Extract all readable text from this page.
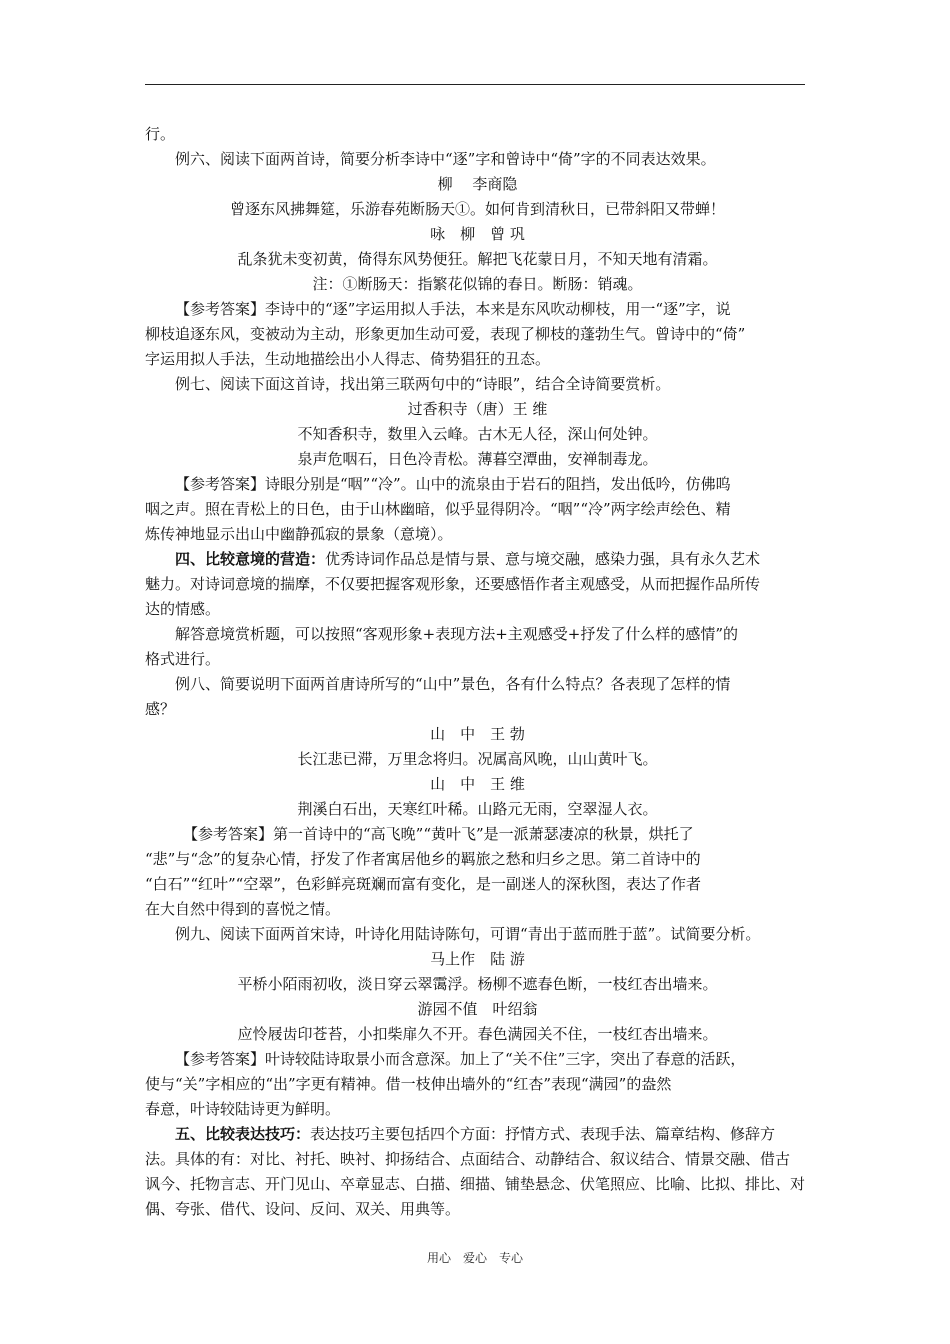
行。
例六、阅读下面两首诗，简要分析李诗中“逐”字和曾诗中“倚”字的不同表达效果。
柳　 李商隐
曾逐东风拂舞筵，乐游春苑断肠天①。如何肯到清秋日，已带斜阳又带蝉！
咏　柳　曾 巩
乱条犹未变初黄，倚得东风势便狂。解把飞花蒙日月，不知天地有清霜。
注：①断肠天：指繁花似锦的春日。断肠：销魂。
【参考答案】李诗中的“逐”字运用拟人手法，本来是东风吹动柳枝，用一“逐”字，说
柳枝追逐东风，变被动为主动，形象更加生动可爱，表现了柳枝的蓬勃生气。曾诗中的“倚”
字运用拟人手法，生动地描绘出小人得志、倚势猖狂的丑态。
例七、阅读下面这首诗，找出第三联两句中的“诗眼”，结合全诗简要赏析。
过香积寺（唐）王 维
不知香积寺，数里入云峰。古木无人径，深山何处钟。
泉声危咽石，日色冷青松。薄暮空潭曲，安禅制毒龙。
【参考答案】诗眼分别是“咽”“冷”。山中的流泉由于岩石的阻挡，发出低吟，仿佛呜
咽之声。照在青松上的日色，由于山林幽暗，似乎显得阴冷。“咽”“冷”两字绘声绘色、精
炼传神地显示出山中幽静孤寂的景象（意境）。
四、比较意境的营造：优秀诗词作品总是情与景、意与境交融，感染力强，具有永久艺术
魅力。对诗词意境的揣摩，不仅要把握客观形象，还要感悟作者主观感受，从而把握作品所传
达的情感。
解答意境赏析题，可以按照“客观形象+表现方法+主观感受+抒发了什么样的感情”的
格式进行。
例八、简要说明下面两首唐诗所写的“山中”景色，各有什么特点？各表现了怎样的情
感？
山　中　王 勃
长江悲已滞，万里念将归。况属高风晚，山山黄叶飞。
山　中　王 维
荆溪白石出，天寒红叶稀。山路元无雨，空翠湿人衣。
【参考答案】第一首诗中的“高飞晚”“黄叶飞”是一派萧瑟凄凉的秋景，烘托了
“悲”与“念”的复杂心情，抒发了作者寓居他乡的羁旅之愁和归乡之思。第二首诗中的
“白石”“红叶”“空翠”，色彩鲜亮斑斓而富有变化，是一副迷人的深秋图，表达了作者
在大自然中得到的喜悦之情。
例九、阅读下面两首宋诗，叶诗化用陆诗陈句，可谓“青出于蓝而胜于蓝”。试简要分析。
马上作　陆 游
平桥小陌雨初收，淡日穿云翠霭浮。杨柳不遮春色断，一枝红杏出墙来。
游园不值　叶绍翁
应怜屐齿印苍苔，小扣柴扉久不开。春色满园关不住，一枝红杏出墙来。
【参考答案】叶诗较陆诗取景小而含意深。加上了“关不住”三字，突出了春意的活跃，
使与“关”字相应的“出”字更有精神。借一枝伸出墙外的“红杏”表现“满园”的盎然
春意，叶诗较陆诗更为鲜明。
五、比较表达技巧：表达技巧主要包括四个方面：抒情方式、表现手法、篇章结构、修辞方
法。具体的有：对比、衬托、映衬、抑扬结合、点面结合、动静结合、叙议结合、情景交融、借古
讽今、托物言志、开门见山、卒章显志、白描、细描、铺垫悬念、伏笔照应、比喻、比拟、排比、对
偶、夸张、借代、设问、反问、双关、用典等。
用心　爱心　专心
